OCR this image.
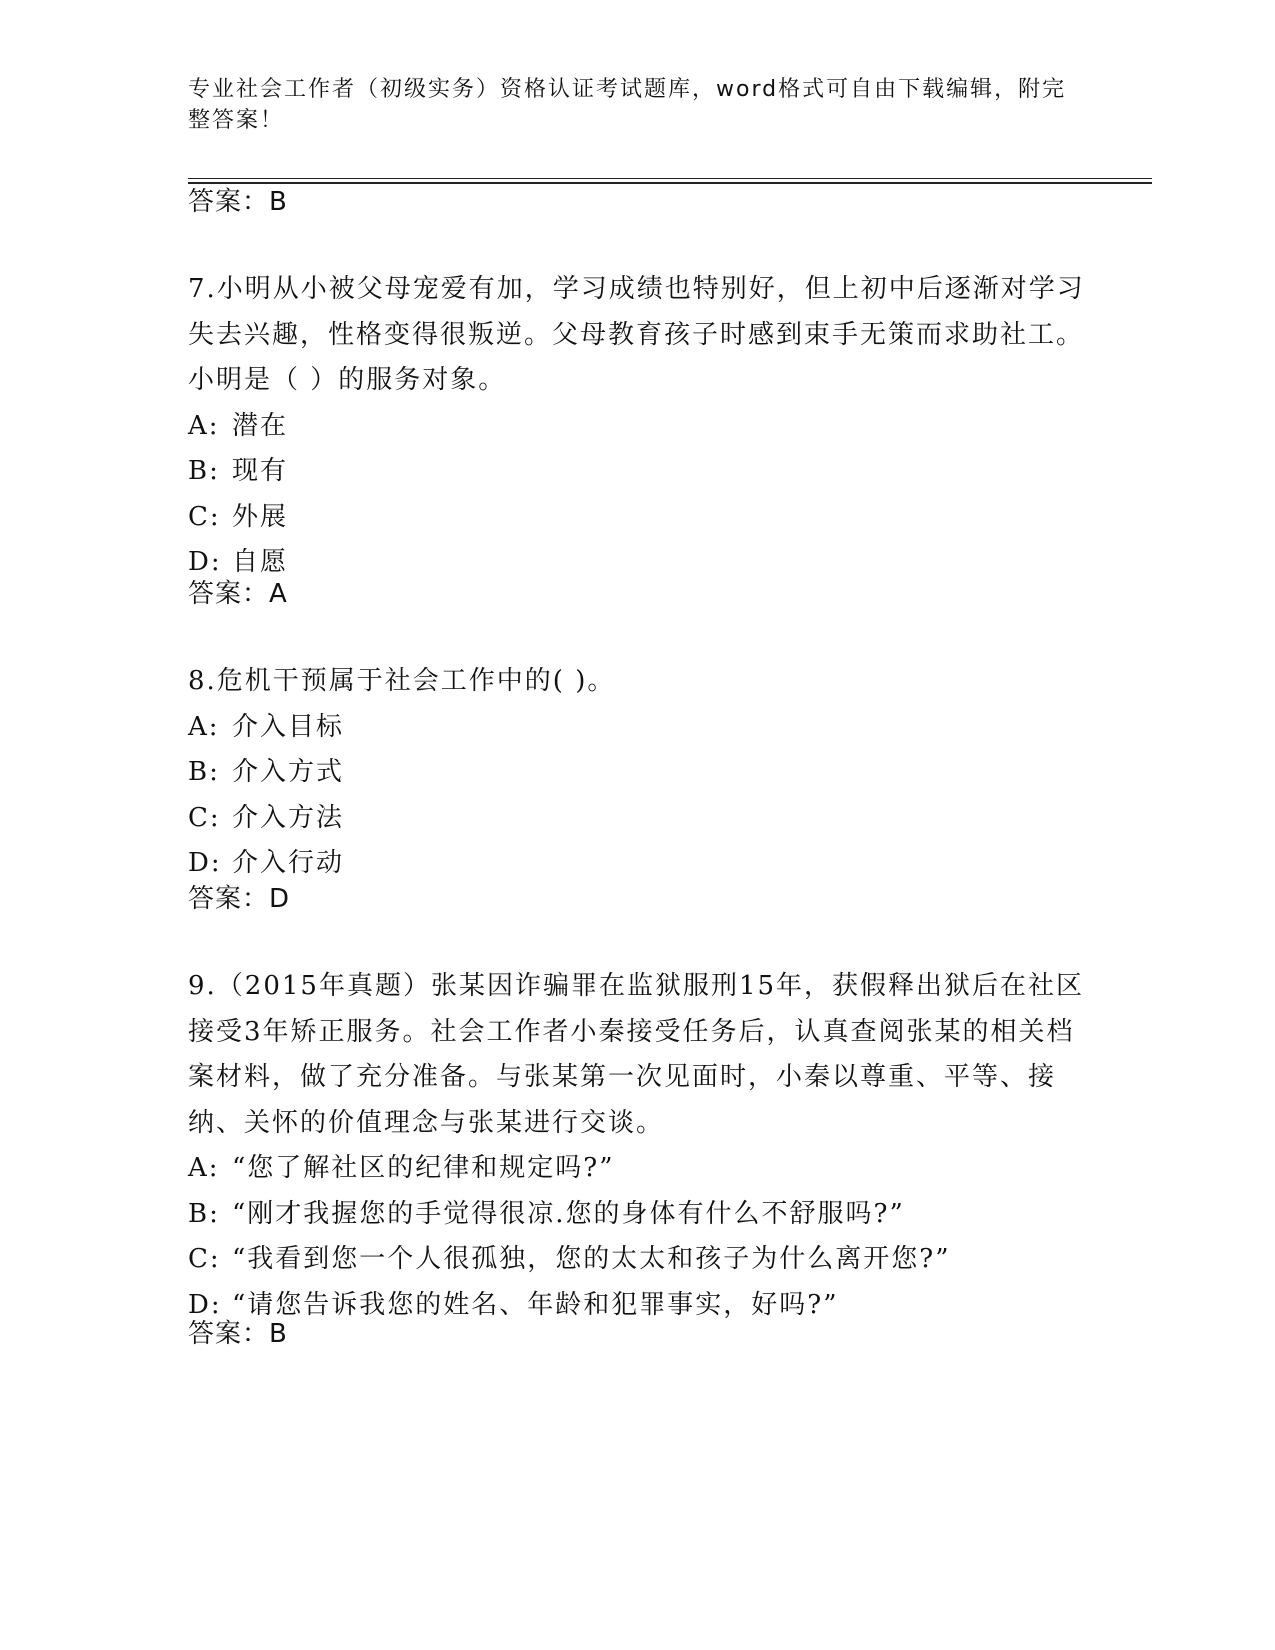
专业社会工作者（初级实务）资格认证考试题库，word格式可自由下载编辑，附完整答案！

答案：B

7.小明从小被父母宠爱有加，学习成绩也特别好，但上初中后逐渐对学习失去兴趣，性格变得很叛逆。父母教育孩子时感到束手无策而求助社工。小明是（ ）的服务对象。

A: 潜在

B: 现有

C: 外展

D: 自愿

答案：A

8.危机干预属于社会工作中的( )。

A: 介入目标

B: 介入方式

C: 介入方法

D: 介入行动

答案：D

9.（2015年真题）张某因诈骗罪在监狱服刑15年，获假释出狱后在社区接受3年矫正服务。社会工作者小秦接受任务后，认真查阅张某的相关档案材料，做了充分准备。与张某第一次见面时，小秦以尊重、平等、接纳、关怀的价值理念与张某进行交谈。

A: “您了解社区的纪律和规定吗?”

B: “刚才我握您的手觉得很凉.您的身体有什么不舒服吗?”

C: “我看到您一个人很孤独，您的太太和孩子为什么离开您?”

D: “请您告诉我您的姓名、年龄和犯罪事实，好吗?”

答案：B
